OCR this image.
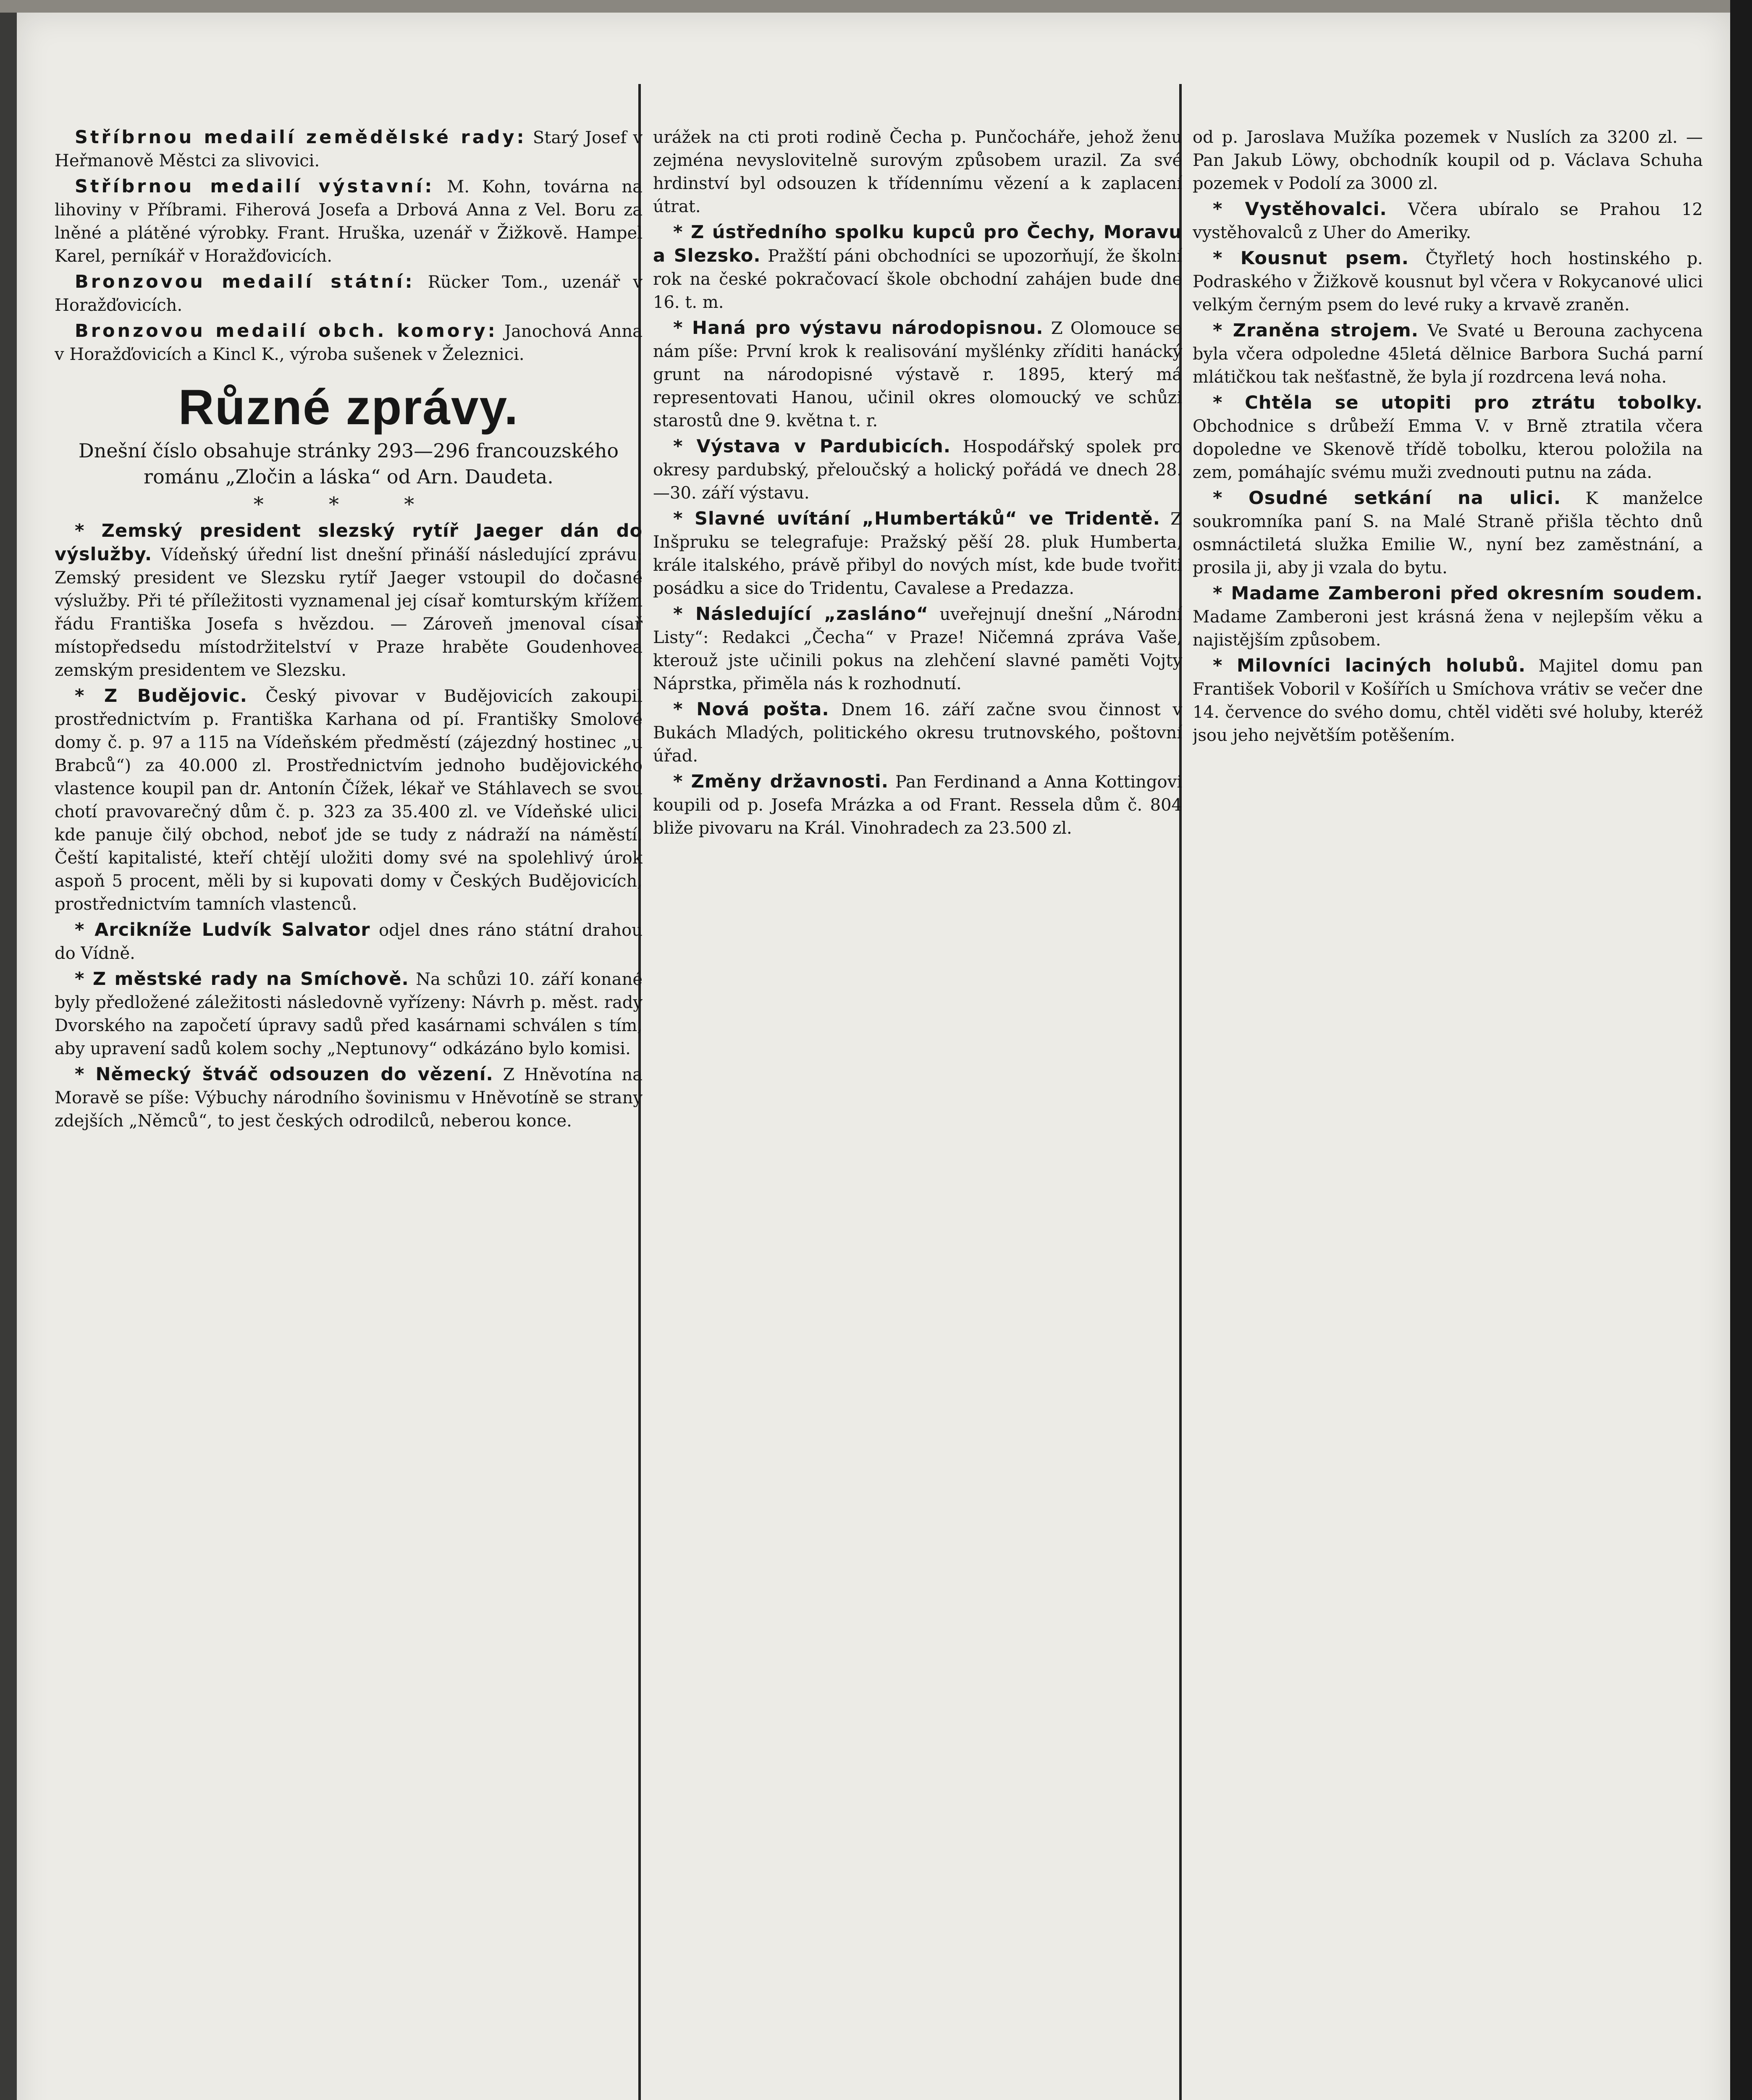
Stříbrnou medailí zemědělské rady: Starý Josef v Heřmanově Městci za slivovici.

Stříbrnou medailí výstavní: M. Kohn, továrna na lihoviny v Příbrami. Fiherová Josefa a Drbová Anna z Vel. Boru za lněné a plátěné výrobky. Frant. Hruška, uzenář v Žižkově. Hampel Karel, perníkář v Horažďovicích.

Bronzovou medailí státní: Rücker Tom., uzenář v Horažďovicích.

Bronzovou medailí obch. komory: Janochová Anna v Horažďovicích a Kincl K., výroba sušenek v Železnici.

Různé zprávy.

Dnešní číslo obsahuje stránky 293—296 francouzského románu „Zločin a láska“ od Arn. Daudeta.

* * *

* Zemský president slezský rytíř Jaeger dán do výslužby. Vídeňský úřední list dnešní přináší následující zprávu: Zemský president ve Slezsku rytíř Jaeger vstoupil do dočasné výslužby. Při té příležitosti vyznamenal jej císař komturským křížem řádu Františka Josefa s hvězdou. — Zároveň jmenoval císař místopředsedu místodržitelství v Praze hraběte Goudenhovea zemským presidentem ve Slezsku.

* Z Budějovic. Český pivovar v Budějovicích zakoupil prostřednictvím p. Františka Karhana od pí. Františky Smolové domy č. p. 97 a 115 na Vídeňském předměstí (zájezdný hostinec „u Brabců“) za 40.000 zl. Prostřednictvím jednoho budějovického vlastence koupil pan dr. Antonín Čížek, lékař ve Stáhlavech se svou chotí pravovarečný dům č. p. 323 za 35.400 zl. ve Vídeňské ulici, kde panuje čilý obchod, neboť jde se tudy z nádraží na náměstí. Čeští kapitalisté, kteří chtějí uložiti domy své na spolehlivý úrok aspoň 5 procent, měli by si kupovati domy v Českých Budějovicích, prostřednictvím tamních vlastenců.

* Arcikníže Ludvík Salvator odjel dnes ráno státní drahou do Vídně.

* Z městské rady na Smíchově. Na schůzi 10. září konané byly předložené záležitosti následovně vyřízeny: Návrh p. měst. rady Dvorského na započetí úpravy sadů před kasárnami schválen s tím, aby upravení sadů kolem sochy „Neptunovy“ odkázáno bylo komisi.

* Německý štváč odsouzen do vězení. Z Hněvotína na Moravě se píše: Výbuchy národního šovinismu v Hněvotíně se strany zdejších „Němců“, to jest českých odrodilců, neberou konce.

urážek na cti proti rodině Čecha p. Punčocháře, jehož ženu zejména nevyslovitelně surovým způsobem urazil. Za své hrdinství byl odsouzen k třídennímu vězení a k zaplacení útrat.

* Z ústředního spolku kupců pro Čechy, Moravu a Slezsko. Pražští páni obchodníci se upozorňují, že školní rok na české pokračovací škole obchodní zahájen bude dne 16. t. m.

* Haná pro výstavu národopisnou. Z Olomouce se nám píše: První krok k realisování myšlénky zříditi hanácký grunt na národopisné výstavě r. 1895, který má representovati Hanou, učinil okres olomoucký ve schůzi starostů dne 9. května t. r.

* Výstava v Pardubicích. Hospodářský spolek pro okresy pardubský, přeloučský a holický pořádá ve dnech 28.—30. září výstavu.

* Slavné uvítání „Humbertáků“ ve Tridentě. Z Inšpruku se telegrafuje: Pražský pěší 28. pluk Humberta, krále italského, právě přibyl do nových míst, kde bude tvořiti posádku a sice do Tridentu, Cavalese a Predazza.

* Následující „zasláno“ uveřejnují dnešní „Národní Listy“: Redakci „Čecha“ v Praze! Ničemná zpráva Vaše, kterouž jste učinili pokus na zlehčení slavné paměti Vojty Náprstka, přiměla nás k rozhodnutí.

* Nová pošta. Dnem 16. září začne svou činnost v Bukách Mladých, politického okresu trutnovského, poštovní úřad.

* Změny državnosti. Pan Ferdinand a Anna Kottingovi koupili od p. Josefa Mrázka a od Frant. Ressela dům č. 804 bliže pivovaru na Král. Vinohradech za 23.500 zl.

od p. Jaroslava Mužíka pozemek v Nuslích za 3200 zl. — Pan Jakub Löwy, obchodník koupil od p. Václava Schuha pozemek v Podolí za 3000 zl.

* Vystěhovalci. Včera ubíralo se Prahou 12 vystěhovalců z Uher do Ameriky.

* Kousnut psem. Čtyřletý hoch hostinského p. Podraského v Žižkově kousnut byl včera v Rokycanové ulici velkým černým psem do levé ruky a krvavě zraněn.

* Zraněna strojem. Ve Svaté u Berouna zachycena byla včera odpoledne 45letá dělnice Barbora Suchá parní mlátičkou tak nešťastně, že byla jí rozdrcena levá noha.

* Chtěla se utopiti pro ztrátu tobolky. Obchodnice s drůbeží Emma V. v Brně ztratila včera dopoledne ve Skenově třídě tobolku, kterou položila na zem, pomáhajíc svému muži zvednouti putnu na záda.

* Osudné setkání na ulici. K manželce soukromníka paní S. na Malé Straně přišla těchto dnů osmnáctiletá služka Emilie W., nyní bez zaměstnání, a prosila ji, aby ji vzala do bytu.

* Madame Zamberoni před okresním soudem. Madame Zamberoni jest krásná žena v nejlepším věku a najistějším způsobem.

* Milovníci laciných holubů. Majitel domu pan František Voboril v Košířích u Smíchova vrátiv se večer dne 14. července do svého domu, chtěl viděti své holuby, kteréž jsou jeho největším potěšením.
